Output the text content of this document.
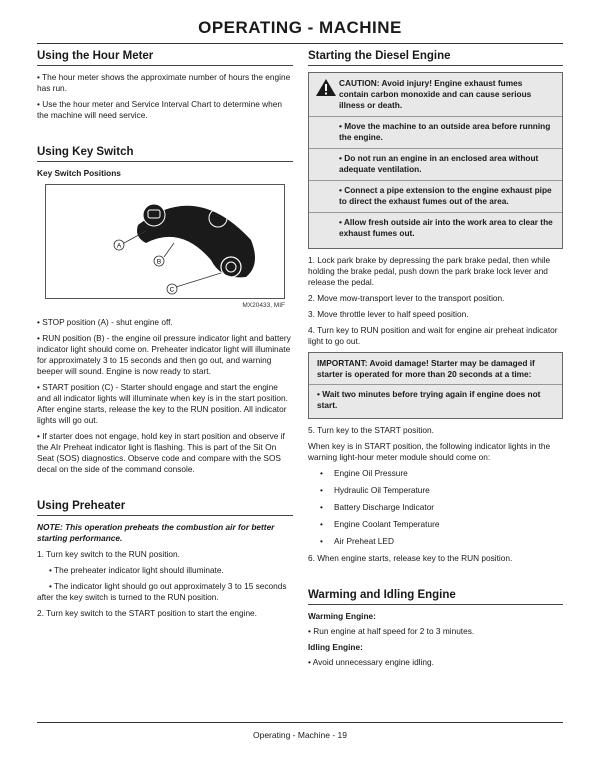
OPERATING - MACHINE
Using the Hour Meter

• The hour meter shows the approximate number of hours the engine has run.

• Use the hour meter and Service Interval Chart to determine when the machine will need service.

Using Key Switch
Key Switch Positions
A
B
C
MX20433, MIF

• STOP position (A) - shut engine off.

• RUN position (B) - the engine oil pressure indicator light and battery indicator light should come on. Preheater indicator light will illuminate for approximately 3 to 15 seconds and then go out, and warning beeper will sound. Engine is now ready to start.

• START position (C) - Starter should engage and start the engine and all indicator lights will illuminate when key is in the start position. After engine starts, release the key to the RUN position. All indicator lights will go out.

• If starter does not engage, hold key in start position and observe if the AIr Preheat indicator light is flashing. This is part of the Sit On Seat (SOS) diagnostics. Observe code and compare with the SOS decal on the side of the command console.

Using Preheater

NOTE: This operation preheats the combustion air for better starting performance.

1. Turn key switch to the RUN position.

• The preheater indicator light should illuminate.

• The indicator light should go out approximately 3 to 15 seconds after the key switch is turned to the RUN position.

2. Turn key switch to the START position to start the engine.

Starting the Diesel Engine

CAUTION: Avoid injury! Engine exhaust fumes contain carbon monoxide and can cause serious illness or death.

• Move the machine to an outside area before running the engine.

• Do not run an engine in an enclosed area without adequate ventilation.

• Connect a pipe extension to the engine exhaust pipe to direct the exhaust fumes out of the area.

• Allow fresh outside air into the work area to clear the exhaust fumes out.

1. Lock park brake by depressing the park brake pedal, then while holding the brake pedal, push down the park brake lock lever and release the pedal.

2. Move mow-transport lever to the transport position.

3. Move throttle lever to half speed position.

4. Turn key to RUN position and wait for engine air preheat indicator light to go out.

IMPORTANT: Avoid damage! Starter may be damaged if starter is operated for more than 20 seconds at a time:

• Wait two minutes before trying again if engine does not start.

5. Turn key to the START position.

When key is in START position, the following indicator lights in the warning light-hour meter module should come on:

• Engine Oil Pressure
• Hydraulic Oil Temperature
• Battery Discharge Indicator
• Engine Coolant Temperature
• Air Preheat LED

6. When engine starts, release key to the RUN position.

Warming and Idling Engine
Warming Engine:

• Run engine at half speed for 2 to 3 minutes.

Idling Engine:

• Avoid unnecessary engine idling.

Operating - Machine - 19
